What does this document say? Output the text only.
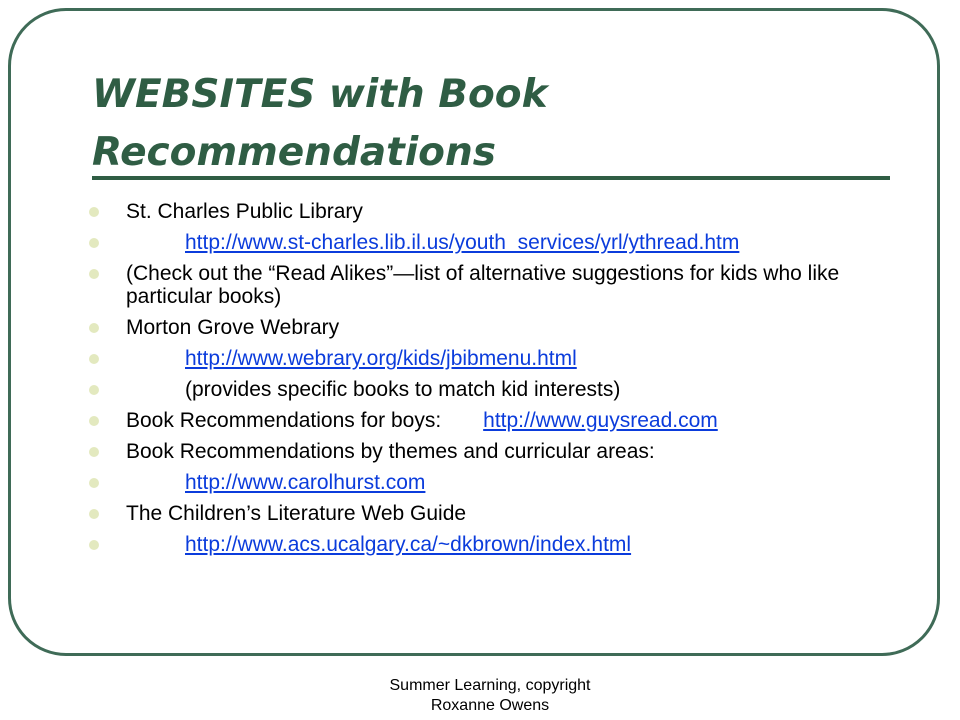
WEBSITES with Book Recommendations
St. Charles Public Library
http://www.st-charles.lib.il.us/youth_services/yrl/ythread.htm
(Check out the “Read Alikes”—list of alternative suggestions for kids who like particular books)
Morton Grove Webrary
http://www.webrary.org/kids/jbibmenu.html
(provides specific books to match kid interests)
Book Recommendations for boys: http://www.guysread.com
Book Recommendations by themes and curricular areas:
http://www.carolhurst.com
The Children’s Literature Web Guide
http://www.acs.ucalgary.ca/~dkbrown/index.html
Summer Learning, copyright Roxanne Owens
